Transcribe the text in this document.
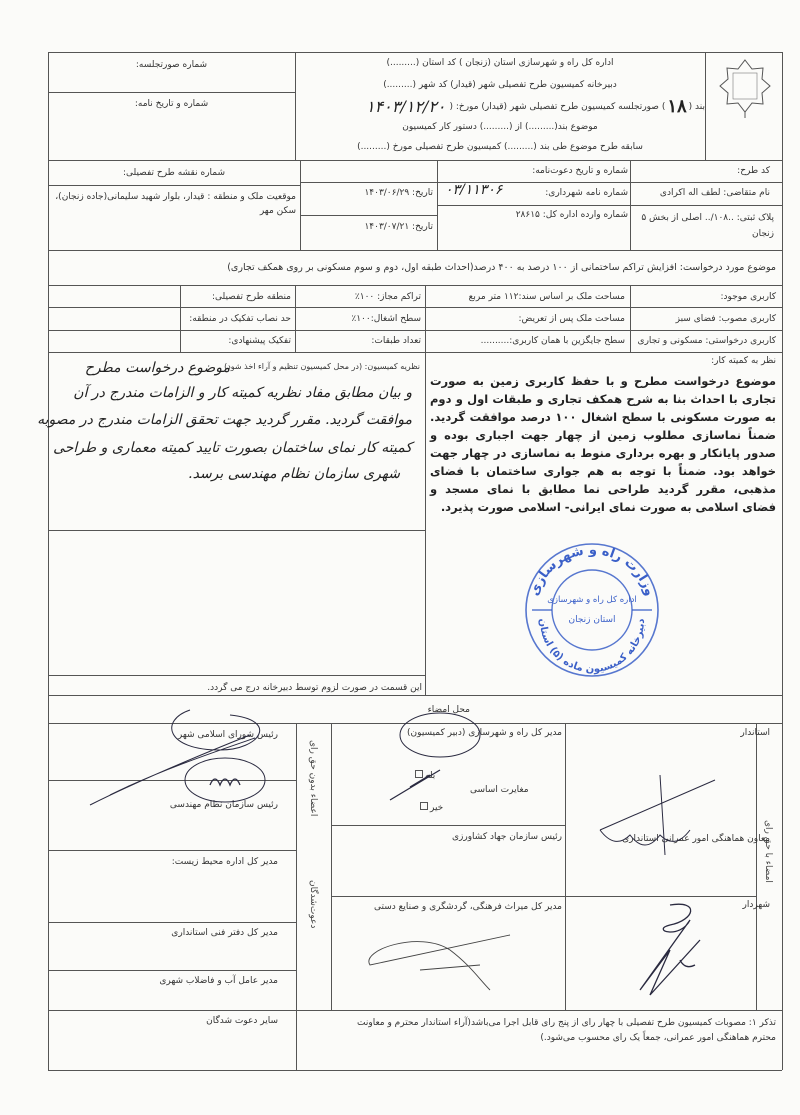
اداره کل راه و شهرسازی استان (زنجان ) کد استان (.........)
دبیرخانه کمیسیون طرح تفصیلی شهر (قیدار) کد شهر (.........)
بند (
۱۸
) صورتجلسه کمیسیون طرح تفصیلی شهر (قیدار) مورخ: (
۱۴۰۳/۱۲/۲۰
موضوع بند(.........) از (.........) دستور کار کمیسیون
سابقه طرح موضوع طی بند (.........) کمیسیون طرح تفصیلی مورخ (.........)
شماره صورتجلسه:
شماره و تاریخ نامه:
کد طرح:
شماره و تاریخ دعوت‌نامه:
شماره نقشه طرح تفصیلی:
نام متقاضی: لطف اله اکرادی
شماره نامه شهرداری:
۰۳/۱۱۳۰۶
تاریخ: ۱۴۰۳/۰۶/۲۹
موقعیت ملک و منطقه : قیدار، بلوار شهید سلیمانی(جاده زنجان)، سکن مهر
پلاک ثبتی: ..۱۰۸/.. اصلی از بخش ۵ زنجان
شماره وارده اداره کل: ۲۸۶۱۵
تاریخ: ۱۴۰۳/۰۷/۲۱
موضوع مورد درخواست: افزایش تراکم ساختمانی از ۱۰۰ درصد به ۴۰۰ درصد(احداث طبقه اول، دوم و سوم مسکونی بر روی همکف تجاری)
کاربری موجود:
مساحت ملک بر اساس سند:۱۱۲ متر مربع
تراکم مجاز: ۱۰۰٪
منطقه طرح تفصیلی:
کاربری مصوب: فضای سبز
مساحت ملک پس از تعریض:
سطح اشغال:۱۰۰٪
حد نصاب تفکیک در منطقه:
کاربری درخواستی: مسکونی و تجاری
سطح جایگزین با همان کاربری:..........
تعداد طبقات:
تفکیک پیشنهادی:
نظر به کمیته کار:
موضوع درخواست مطرح و با حفظ کاربری زمین به صورت تجاری با احداث بنا به شرح همکف تجاری و طبقات اول و دوم به صورت مسکونی با سطح اشغال ۱۰۰ درصد موافقت گردید. ضمناً نماسازی مطلوب زمین از چهار جهت اجباری بوده و صدور پایانکار و بهره برداری منوط به نماسازی در چهار جهت خواهد بود. ضمناً با توجه به هم جواری ساختمان با فضای مذهبی، مقرر گردید طراحی نما مطابق با نمای مسجد و فضای اسلامی به صورت نمای ایرانی- اسلامی صورت پذیرد.
نظریه کمیسیون: (در محل کمیسیون تنظیم و آراء اخذ شود)
موضوع درخواست مطرح
و بیان مطابق مفاد نظریه کمیته کار و الزامات مندرج در آن
موافقت گردید. مقرر گردید جهت تحقق الزامات مندرج در مصوبه
کمیته کار نمای ساختمان بصورت تایید کمیته معماری و طراحی
شهری سازمان نظام مهندسی برسد.
این قسمت در صورت لزوم توسط دبیرخانه درج می گردد.
وزارت راه و شهرسازی
دبیرخانه کمیسیون ماده (۵) استان
اداره کل راه و شهرسازی
استان زنجان
محل امضاء
امضاء با حق رای
اعضاء بدون حق رای
دعوت‌شدگان
استاندار
معاون هماهنگی امور عمرانی استانداری
شهردار
مدیر کل راه و شهرسازی (دبیر کمیسیون)
بله
مغایرت اساسی
خیر
رئیس سازمان جهاد کشاورزی
مدیر کل میراث فرهنگی، گردشگری و صنایع دستی
رئیس شورای اسلامی شهر
رئیس سازمان نظام مهندسی
مدیر کل اداره محیط زیست:
مدیر کل دفتر فنی استانداری
مدیر عامل آب و فاضلاب شهری
سایر دعوت شدگان	تذکر ۱: مصوبات کمیسیون طرح تفصیلی با چهار رای از پنج رای قابل اجرا می‌باشد(آراء استاندار محترم و معاونت محترم هماهنگی امور عمرانی، جمعاً یک رای محسوب می‌شود.)
